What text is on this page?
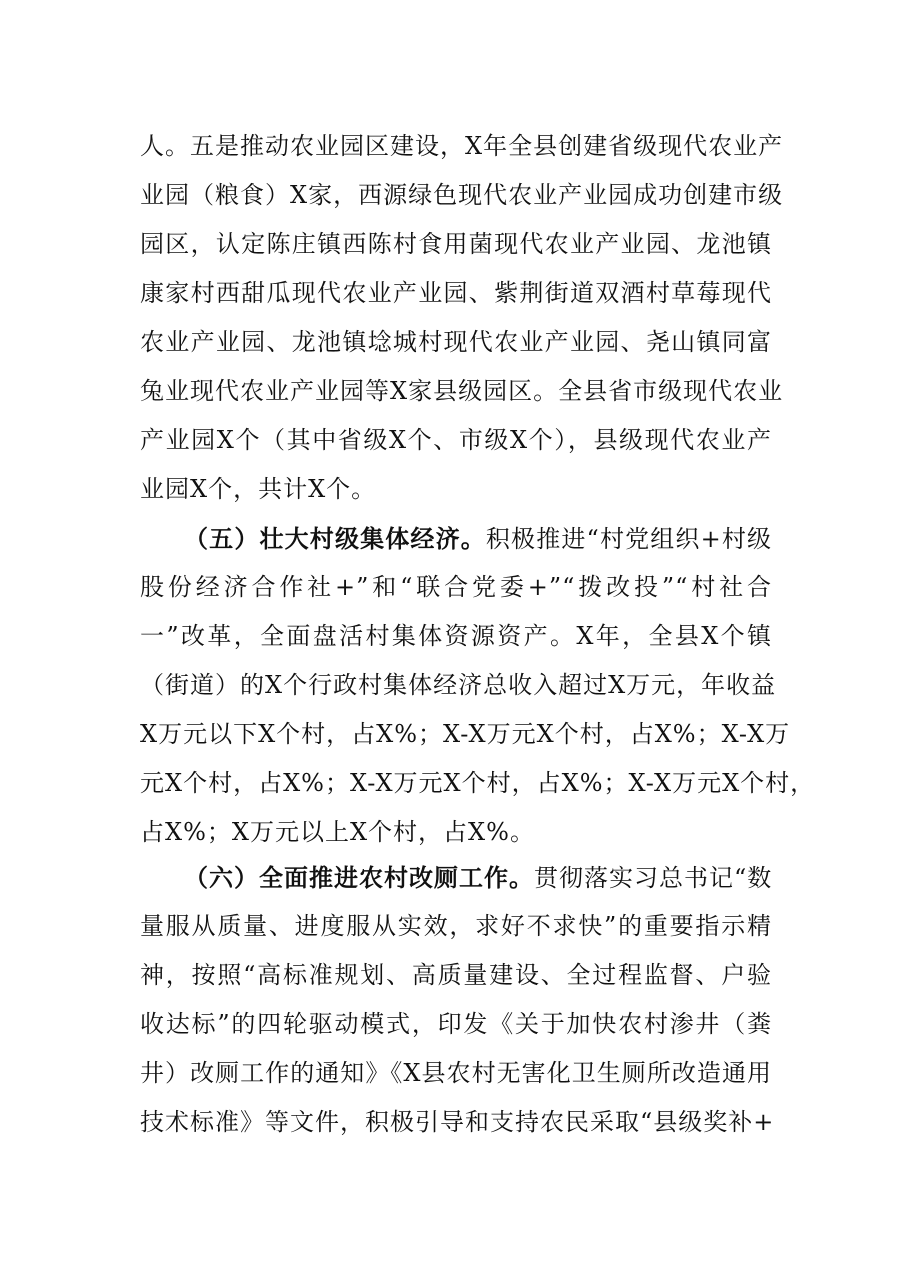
人。五是推动农业园区建设，X年全县创建省级现代农业产
业园（粮食）X家，西源绿色现代农业产业园成功创建市级
园区，认定陈庄镇西陈村食用菌现代农业产业园、龙池镇
康家村西甜瓜现代农业产业园、紫荆街道双酒村草莓现代
农业产业园、龙池镇埝城村现代农业产业园、尧山镇同富
兔业现代农业产业园等X家县级园区。全县省市级现代农业
产业园X个（其中省级X个、市级X个），县级现代农业产
业园X个，共计X个。
（五）壮大村级集体经济。积极推进“村党组织+村级
股份经济合作社+”和“联合党委+”“拨改投”“村社合
一”改革，全面盘活村集体资源资产。X年，全县X个镇
（街道）的X个行政村集体经济总收入超过X万元，年收益
X万元以下X个村，占X%；X-X万元X个村，占X%；X-X万
元X个村，占X%；X-X万元X个村，占X%；X-X万元X个村，
占X%；X万元以上X个村，占X%。
（六）全面推进农村改厕工作。贯彻落实习总书记“数
量服从质量、进度服从实效，求好不求快”的重要指示精
神，按照“高标准规划、高质量建设、全过程监督、户验
收达标”的四轮驱动模式，印发《关于加快农村渗井（粪
井）改厕工作的通知》《X县农村无害化卫生厕所改造通用
技术标准》等文件，积极引导和支持农民采取“县级奖补+
